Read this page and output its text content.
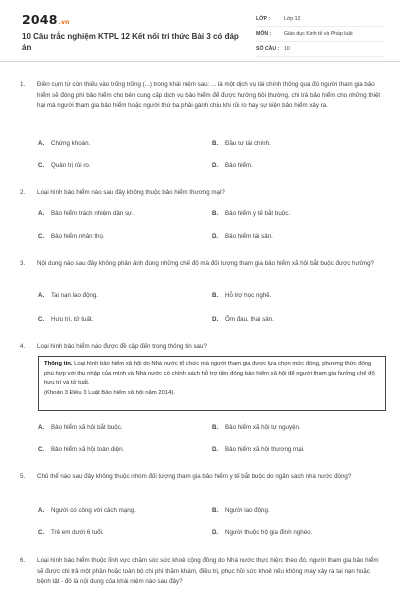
2048.vn
10 Câu trắc nghiệm KTPL 12 Kết nối tri thức Bài 3 có đáp án
LỚP :	Lớp 12
MÔN : Giáo dục Kinh tế và Pháp luật
SỐ CÂU : 10
1. Điền cụm từ còn thiếu vào trống trống (...) trong khái niệm sau: ... là một dịch vụ tài chính thông qua đó người tham gia bảo hiểm sẽ đóng phí bảo hiểm cho bên cung cấp dịch vụ bảo hiểm để được hưởng bồi thường, chi trả bảo hiểm cho những thiệt hại mà người tham gia bảo hiểm hoặc người thứ ba phải gánh chịu khi rủi ro hay sự kiện bảo hiểm xảy ra.
A. Chứng khoán.	B. Đầu tư tài chính.
C. Quản trị rủi ro.	D. Bảo hiểm.
2. Loại hình bảo hiểm nào sau đây không thuộc bảo hiểm thương mại?
A. Bảo hiểm trách nhiệm dân sự.	B. Bảo hiểm y tế bắt buộc.
C. Bảo hiểm nhân thọ.	D. Bảo hiểm tài sản.
3. Nội dung nào sau đây không phản ánh đúng những chế độ mà đối tượng tham gia bảo hiểm xã hội bắt buộc được hưởng?
A. Tai nạn lao động.	B. Hỗ trợ học nghề.
C. Hưu trí, tử tuất.	D. Ốm đau, thai sản.
4. Loại hình bảo hiểm nào được đề cập đến trong thông tin sau?
Thông tin. Loại hình bảo hiểm xã hội do Nhà nước tổ chức mà người tham gia được lựa chọn mức đóng, phương thức đóng phù hợp với thu nhập của mình và Nhà nước có chính sách hỗ trợ tiền đóng bảo hiểm xã hội để người tham gia hưởng chế độ hưu trí và tử tuất.
(Khoản 3 Điều 3 Luật Bảo hiểm xã hội năm 2014).
A. Bảo hiểm xã hội bắt buộc.	B. Bảo hiểm xã hội tự nguyện.
C. Bảo hiểm xã hội toàn diện.	D. Bảo hiểm xã hội thương mại.
5. Chủ thể nào sau đây không thuộc nhóm đối tượng tham gia bảo hiểm y tế bắt buộc do ngân sách nhà nước đóng?
A. Người có công với cách mạng.	B. Người lao động.
C. Trẻ em dưới 6 tuổi.	D. Người thuộc hộ gia đình nghèo.
6. Loại hình bảo hiểm thuộc lĩnh vực chăm sóc sức khoẻ cộng đồng do Nhà nước thực hiện; theo đó, người tham gia bảo hiểm sẽ được chi trả một phần hoặc toàn bộ chi phí thăm khám, điều trị, phục hồi sức khoẻ nếu không may xảy ra tai nạn hoặc bệnh tật - đó là nội dung của khái niệm nào sau đây?
